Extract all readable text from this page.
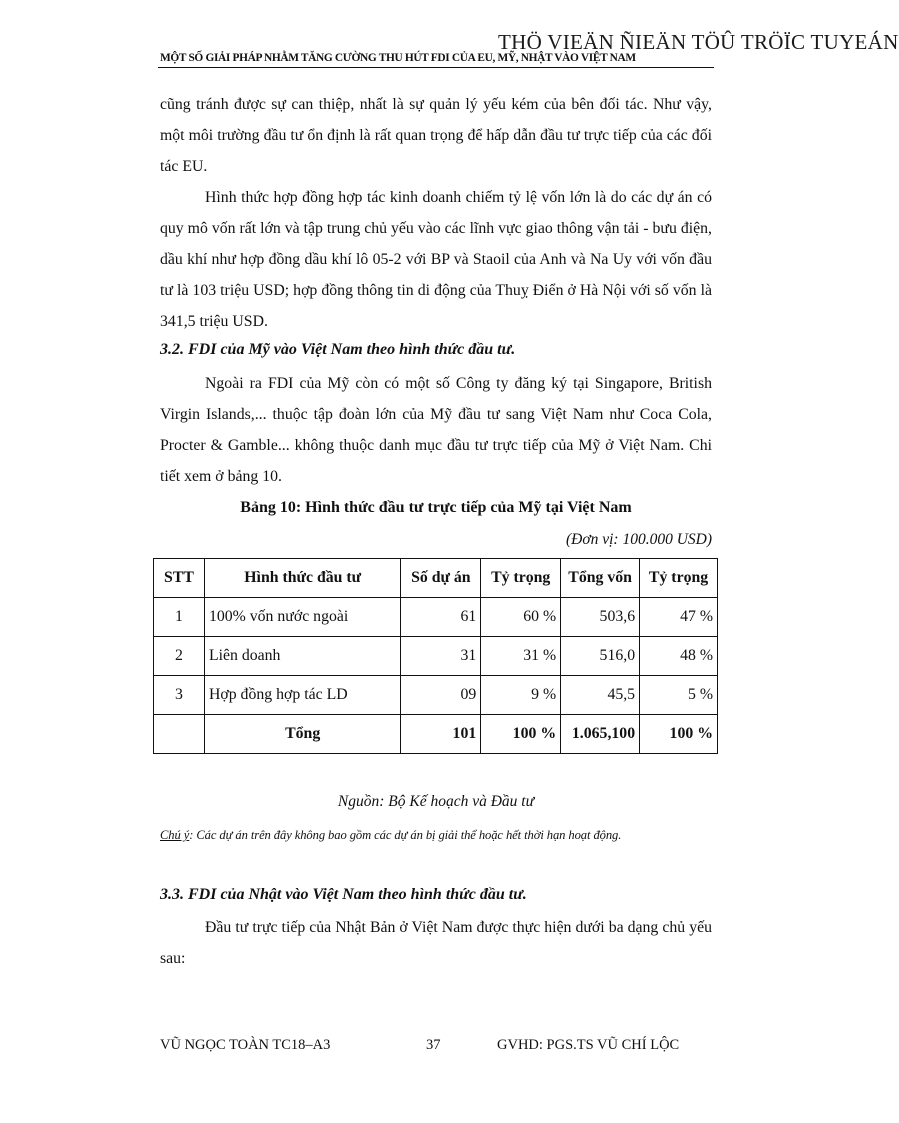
THÖ VIEÄN ÑIEÄN TÖÛ TRÖÏC TUYEÁN
MỘT SỐ GIẢI PHÁP NHẰM TĂNG CƯỜNG THU HÚT FDI CỦA EU, MỸ, NHẬT VÀO VIỆT NAM

cũng tránh được sự can thiệp, nhất là sự quản lý yếu kém của bên đối tác. Như vậy, một môi trường đầu tư ổn định là rất quan trọng để hấp dẫn đầu tư trực tiếp của các đối tác EU.

Hình thức hợp đồng hợp tác kinh doanh chiếm tỷ lệ vốn lớn là do các dự án có quy mô vốn rất lớn và tập trung chủ yếu vào các lĩnh vực giao thông vận tải - bưu điện, dầu khí như hợp đồng dầu khí lô 05-2 với BP và Staoil của Anh và Na Uy với vốn đầu tư là 103 triệu USD; hợp đồng thông tin di động của Thuỵ Điển ở Hà Nội với số vốn là 341,5 triệu USD.

3.2. FDI của Mỹ vào Việt Nam theo hình thức đầu tư.

Ngoài ra FDI của Mỹ còn có một số Công ty đăng ký tại Singapore, British Virgin Islands,... thuộc tập đoàn lớn của Mỹ đầu tư sang Việt Nam như Coca Cola, Procter & Gamble... không thuộc danh mục đầu tư trực tiếp của Mỹ ở Việt Nam. Chi tiết xem ở bảng 10.

Bảng 10: Hình thức đầu tư trực tiếp của Mỹ tại Việt Nam
(Đơn vị: 100.000 USD)
STT	Hình thức đầu tư	Số dự án	Tỷ trọng	Tổng vốn	Tỷ trọng
1	100% vốn nước ngoài	61	60 %	503,6	47 %
2	Liên doanh	31	31 %	516,0	48 %
3	Hợp đồng hợp tác LD	09	9 %	45,5	5 %
	Tổng	101	100 %	1.065,100	100 %
Nguồn: Bộ Kế hoạch và Đầu tư
Chú ý: Các dự án trên đây không bao gồm các dự án bị giải thể hoặc hết thời hạn hoạt động.
3.3. FDI của Nhật vào Việt Nam theo hình thức đầu tư.

Đầu tư trực tiếp của Nhật Bản ở Việt Nam được thực hiện dưới ba dạng chủ yếu sau:

VŨ NGỌC TOÀN TC18–A3	37	GVHD: PGS.TS VŨ CHÍ LỘC
